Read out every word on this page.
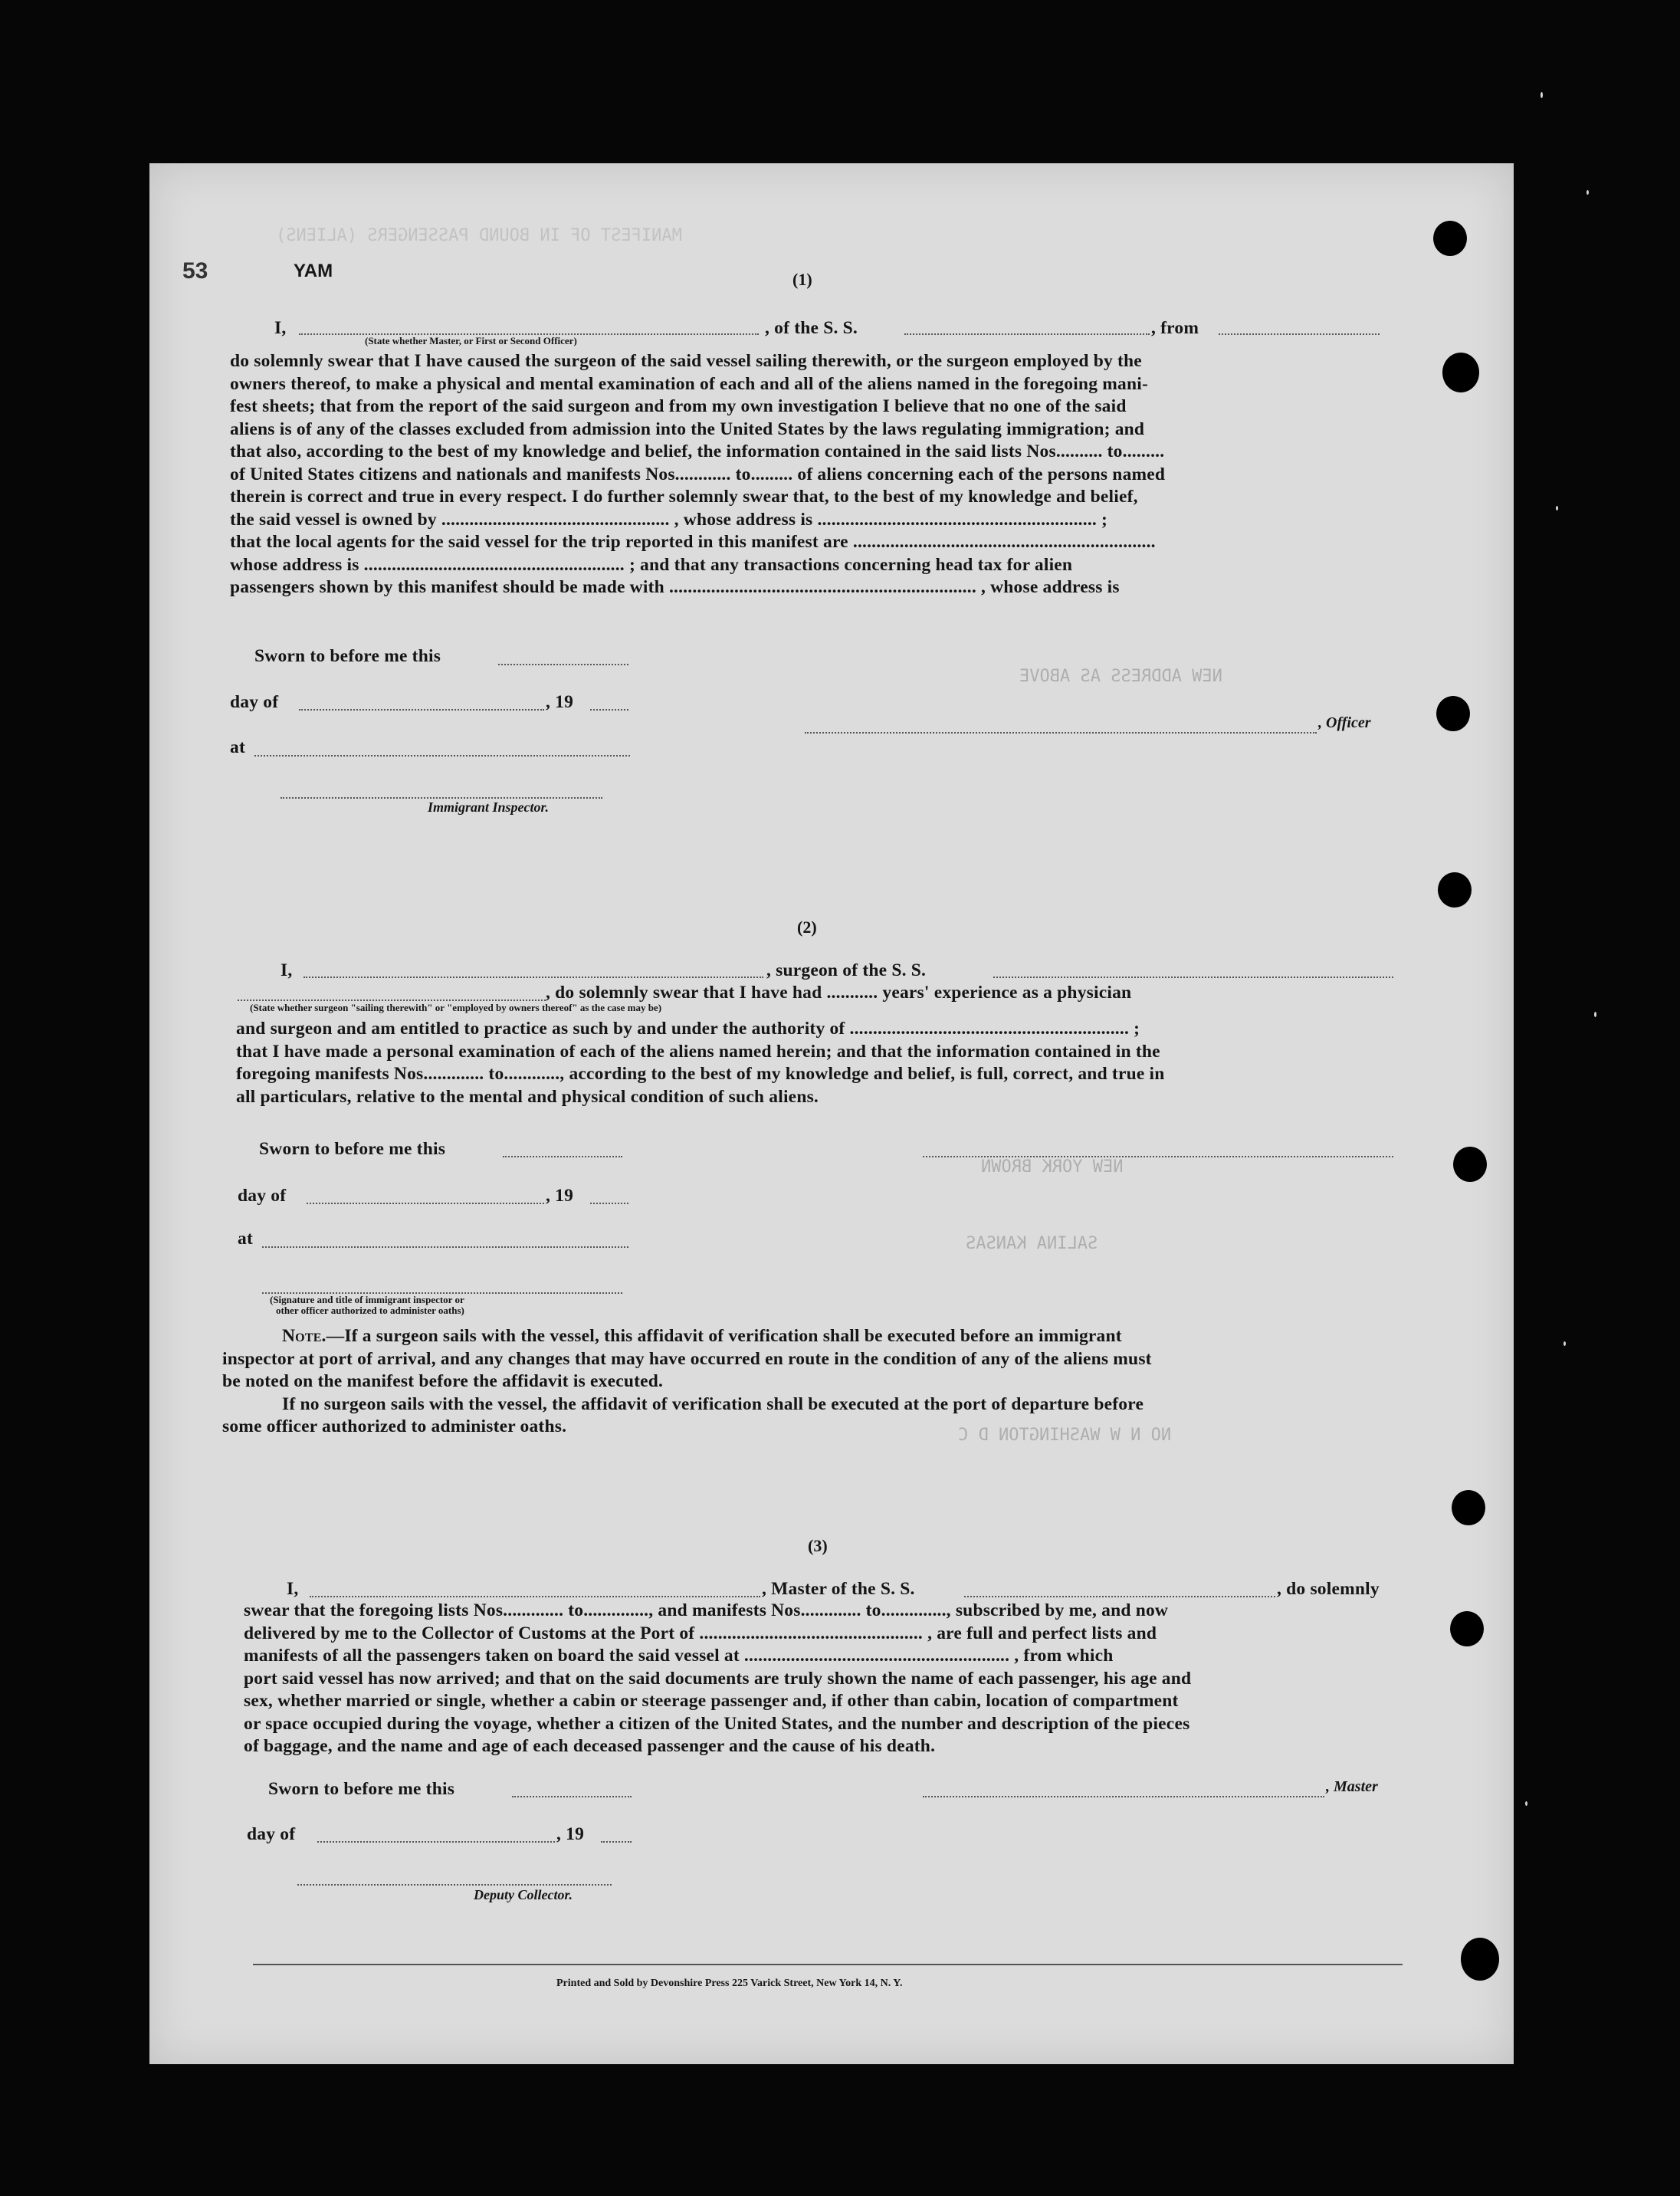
MANIFEST OF IN BOUND PASSENGERS (ALIENS)
NEW ADDRESS AS ABOVE
NEW YORK BROWN
SALINA KANSAS
NO N W WASHINGTON D C
53	YAM	(1)
I,	, of the S. S.	, from
(State whether Master, or First or Second Officer)
do solemnly swear that I have caused the surgeon of the said vessel sailing therewith, or the surgeon employed by the
owners thereof, to make a physical and mental examination of each and all of the aliens named in the foregoing mani-
fest sheets; that from the report of the said surgeon and from my own investigation I believe that no one of the said
aliens is of any of the classes excluded from admission into the United States by the laws regulating immigration; and
that also, according to the best of my knowledge and belief, the information contained in the said lists Nos.......... to.........
of United States citizens and nationals and manifests Nos............ to......... of aliens concerning each of the persons named
therein is correct and true in every respect. I do further solemnly swear that, to the best of my knowledge and belief,
the said vessel is owned by ................................................. , whose address is ............................................................ ;
that the local agents for the said vessel for the trip reported in this manifest are .................................................................
whose address is ........................................................ ; and that any transactions concerning head tax for alien
passengers shown by this manifest should be made with .................................................................. , whose address is
Sworn to before me this
day of	, 19
, Officer
at
Immigrant Inspector.
(2)
I,	, surgeon of the S. S.
, do solemnly swear that I have had ........... years' experience as a physician
(State whether surgeon "sailing therewith" or "employed by owners thereof" as the case may be)
and surgeon and am entitled to practice as such by and under the authority of ............................................................ ;
that I have made a personal examination of each of the aliens named herein; and that the information contained in the
foregoing manifests Nos............. to............, according to the best of my knowledge and belief, is full, correct, and true in
all particulars, relative to the mental and physical condition of such aliens.
Sworn to before me this
day of	, 19
at
(Signature and title of immigrant inspector or
other officer authorized to administer oaths)
Note.—If a surgeon sails with the vessel, this affidavit of verification shall be executed before an immigrant
inspector at port of arrival, and any changes that may have occurred en route in the condition of any of the aliens must
be noted on the manifest before the affidavit is executed.
If no surgeon sails with the vessel, the affidavit of verification shall be executed at the port of departure before
some officer authorized to administer oaths.
(3)
I,	, Master of the S. S.	, do solemnly
swear that the foregoing lists Nos............. to.............., and manifests Nos............. to.............., subscribed by me, and now
delivered by me to the Collector of Customs at the Port of ................................................ , are full and perfect lists and
manifests of all the passengers taken on board the said vessel at ......................................................... , from which
port said vessel has now arrived; and that on the said documents are truly shown the name of each passenger, his age and
sex, whether married or single, whether a cabin or steerage passenger and, if other than cabin, location of compartment
or space occupied during the voyage, whether a citizen of the United States, and the number and description of the pieces
of baggage, and the name and age of each deceased passenger and the cause of his death.
Sworn to before me this	, Master
day of	, 19
Deputy Collector.
Printed and Sold by Devonshire Press 225 Varick Street, New York 14, N. Y.
